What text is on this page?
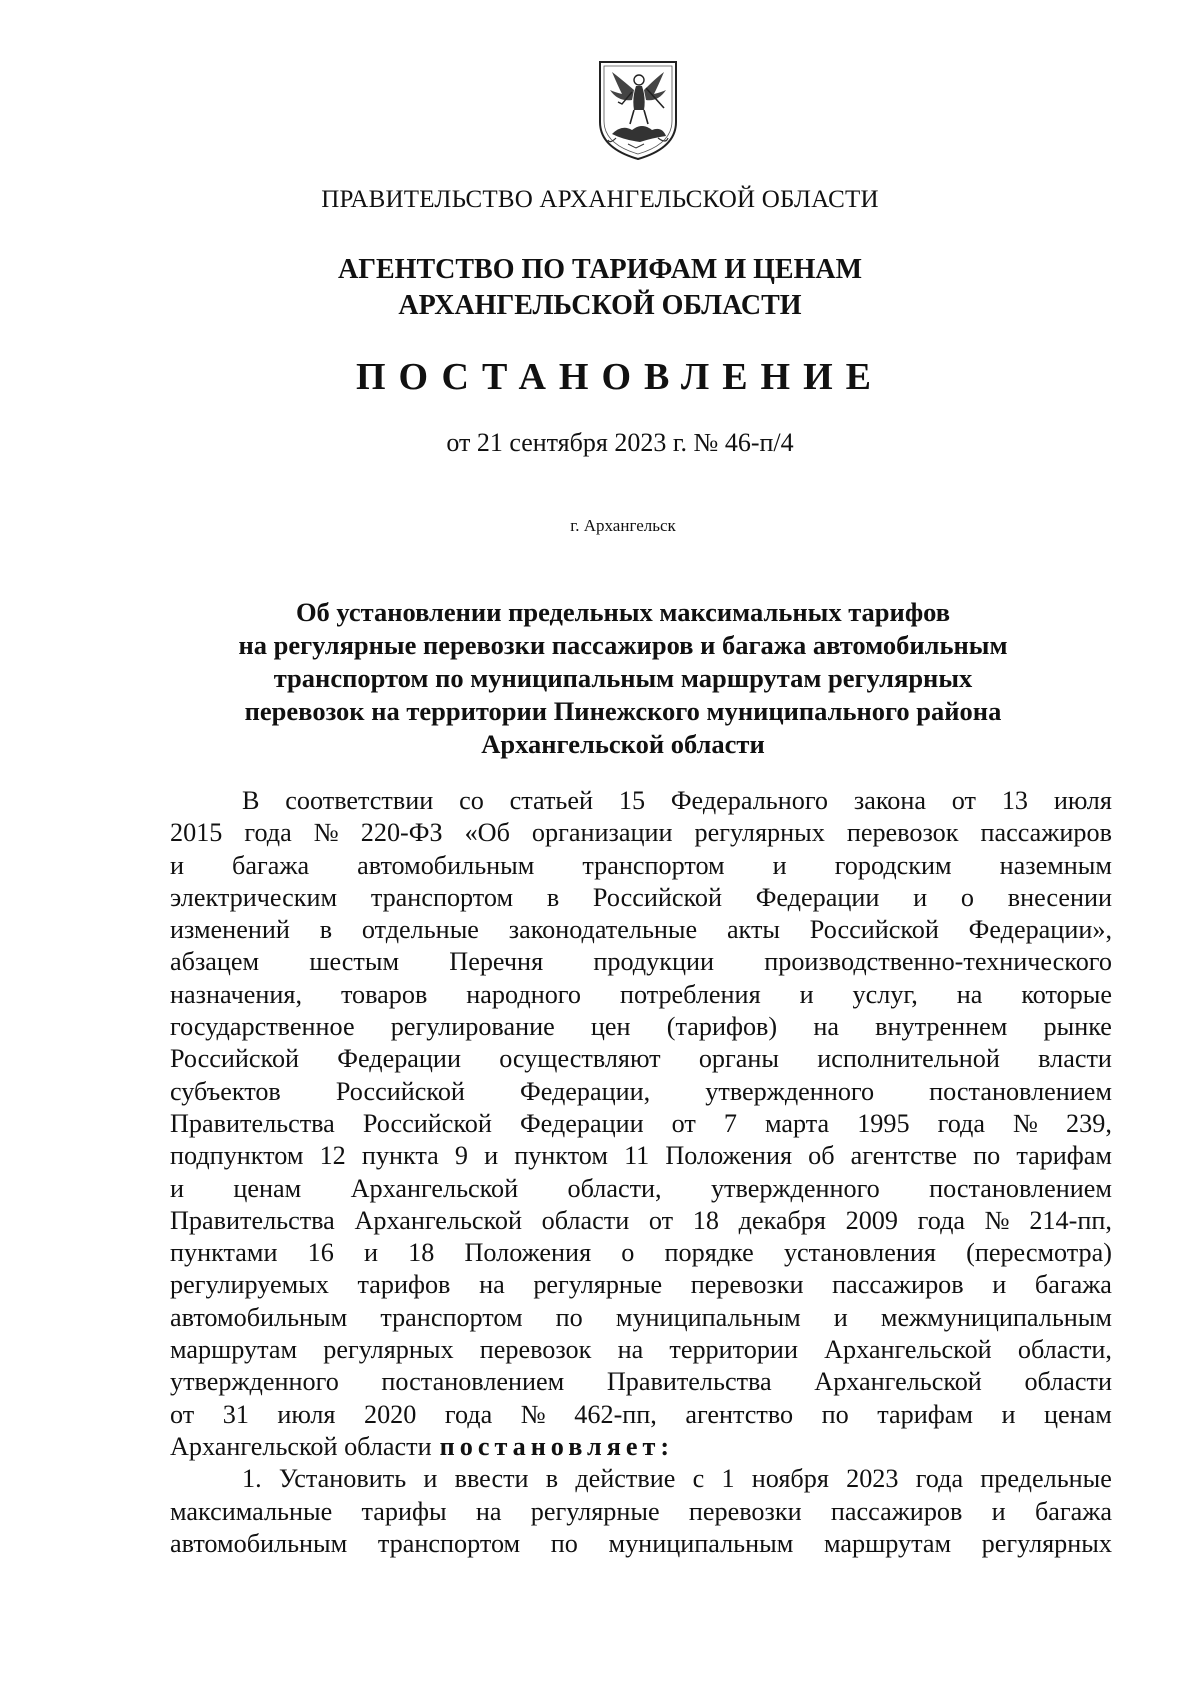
ПРАВИТЕЛЬСТВО АРХАНГЕЛЬСКОЙ ОБЛАСТИ
АГЕНТСТВО ПО ТАРИФАМ И ЦЕНАМ
АРХАНГЕЛЬСКОЙ ОБЛАСТИ
ПОСТАНОВЛЕНИЕ
от 21 сентября 2023 г. № 46-п/4
г. Архангельск
Об установлении предельных максимальных тарифов
на регулярные перевозки пассажиров и багажа автомобильным
транспортом по муниципальным маршрутам регулярных
перевозок на территории Пинежского муниципального района
Архангельской области
В соответствии со статьей 15 Федерального закона от 13 июля
2015 года № 220-ФЗ «Об организации регулярных перевозок пассажиров
и багажа автомобильным транспортом и городским наземным
электрическим транспортом в Российской Федерации и о внесении
изменений в отдельные законодательные акты Российской Федерации»,
абзацем шестым Перечня продукции производственно-технического
назначения, товаров народного потребления и услуг, на которые
государственное регулирование цен (тарифов) на внутреннем рынке
Российской Федерации осуществляют органы исполнительной власти
субъектов Российской Федерации, утвержденного постановлением
Правительства Российской Федерации от 7 марта 1995 года № 239,
подпунктом 12 пункта 9 и пунктом 11 Положения об агентстве по тарифам
и ценам Архангельской области, утвержденного постановлением
Правительства Архангельской области от 18 декабря 2009 года № 214-пп,
пунктами 16 и 18 Положения о порядке установления (пересмотра)
регулируемых тарифов на регулярные перевозки пассажиров и багажа
автомобильным транспортом по муниципальным и межмуниципальным
маршрутам регулярных перевозок на территории Архангельской области,
утвержденного постановлением Правительства Архангельской области
от 31 июля 2020 года № 462-пп, агентство по тарифам и ценам
Архангельской области постановляет:
1. Установить и ввести в действие с 1 ноября 2023 года предельные
максимальные тарифы на регулярные перевозки пассажиров и багажа
автомобильным транспортом по муниципальным маршрутам регулярных
